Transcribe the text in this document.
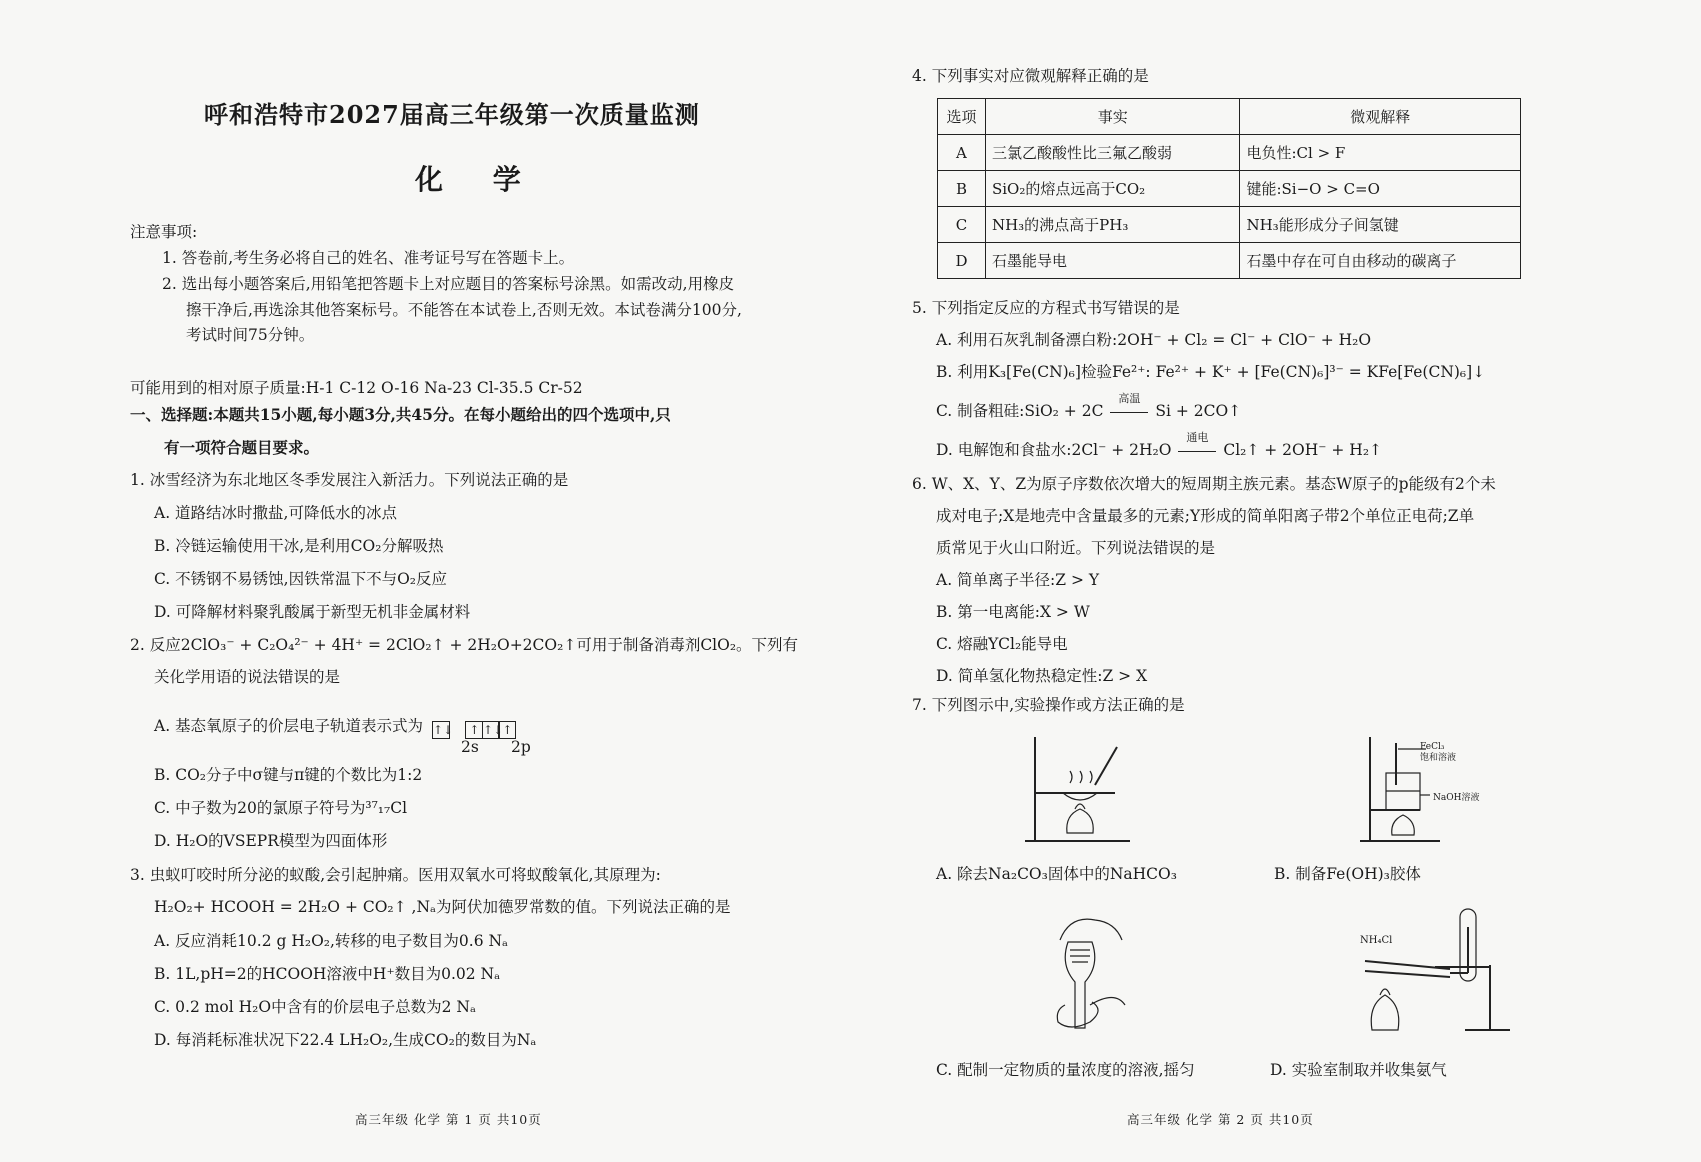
呼和浩特市2027届高三年级第一次质量监测
化 学
注意事项:
1. 答卷前,考生务必将自己的姓名、准考证号写在答题卡上。
2. 选出每小题答案后,用铅笔把答题卡上对应题目的答案标号涂黑。如需改动,用橡皮
擦干净后,再选涂其他答案标号。不能答在本试卷上,否则无效。本试卷满分100分,
考试时间75分钟。
可能用到的相对原子质量:H-1 C-12 O-16 Na-23 Cl-35.5 Cr-52
一、选择题:本题共15小题,每小题3分,共45分。在每小题给出的四个选项中,只
有一项符合题目要求。
1. 冰雪经济为东北地区冬季发展注入新活力。下列说法正确的是
A. 道路结冰时撒盐,可降低水的冰点
B. 冷链运输使用干冰,是利用CO₂分解吸热
C. 不锈钢不易锈蚀,因铁常温下不与O₂反应
D. 可降解材料聚乳酸属于新型无机非金属材料
2. 反应2ClO₃⁻ + C₂O₄²⁻ + 4H⁺ = 2ClO₂↑ + 2H₂O+2CO₂↑可用于制备消毒剂ClO₂。下列有
关化学用语的说法错误的是
A. 基态氧原子的价层电子轨道表示式为 ↑↓ ↑ ↑↓↑
2s 2p
B. CO₂分子中σ键与π键的个数比为1:2
C. 中子数为20的氯原子符号为³⁷₁₇Cl
D. H₂O的VSEPR模型为四面体形
3. 虫蚁叮咬时所分泌的蚁酸,会引起肿痛。医用双氧水可将蚁酸氧化,其原理为:
H₂O₂+ HCOOH = 2H₂O + CO₂↑ ,Nₐ为阿伏加德罗常数的值。下列说法正确的是
A. 反应消耗10.2 g H₂O₂,转移的电子数目为0.6 Nₐ
B. 1L,pH=2的HCOOH溶液中H⁺数目为0.02 Nₐ
C. 0.2 mol H₂O中含有的价层电子总数为2 Nₐ
D. 每消耗标准状况下22.4 LH₂O₂,生成CO₂的数目为Nₐ
高三年级 化学 第 1 页 共10页
4. 下列事实对应微观解释正确的是
选项	事实	微观解释
A	三氯乙酸酸性比三氟乙酸弱	电负性:Cl > F
B	SiO₂的熔点远高于CO₂	键能:Si−O > C=O
C	NH₃的沸点高于PH₃	NH₃能形成分子间氢键
D	石墨能导电	石墨中存在可自由移动的碳离子
5. 下列指定反应的方程式书写错误的是
A. 利用石灰乳制备漂白粉:2OH⁻ + Cl₂ = Cl⁻ + ClO⁻ + H₂O
B. 利用K₃[Fe(CN)₆]检验Fe²⁺: Fe²⁺ + K⁺ + [Fe(CN)₆]³⁻ = KFe[Fe(CN)₆]↓
C. 制备粗硅:SiO₂ + 2C
高温
Si + 2CO↑
D. 电解饱和食盐水:2Cl⁻ + 2H₂O
通电
Cl₂↑ + 2OH⁻ + H₂↑
6. W、X、Y、Z为原子序数依次增大的短周期主族元素。基态W原子的p能级有2个未
成对电子;X是地壳中含量最多的元素;Y形成的简单阳离子带2个单位正电荷;Z单
质常见于火山口附近。下列说法错误的是
A. 简单离子半径:Z > Y
B. 第一电离能:X > W
C. 熔融YCl₂能导电
D. 简单氢化物热稳定性:Z > X
7. 下列图示中,实验操作或方法正确的是
FeCl₃
饱和溶液
NaOH溶液
A. 除去Na₂CO₃固体中的NaHCO₃	B. 制备Fe(OH)₃胶体
NH₄Cl
C. 配制一定物质的量浓度的溶液,摇匀	D. 实验室制取并收集氨气
高三年级 化学 第 2 页 共10页
